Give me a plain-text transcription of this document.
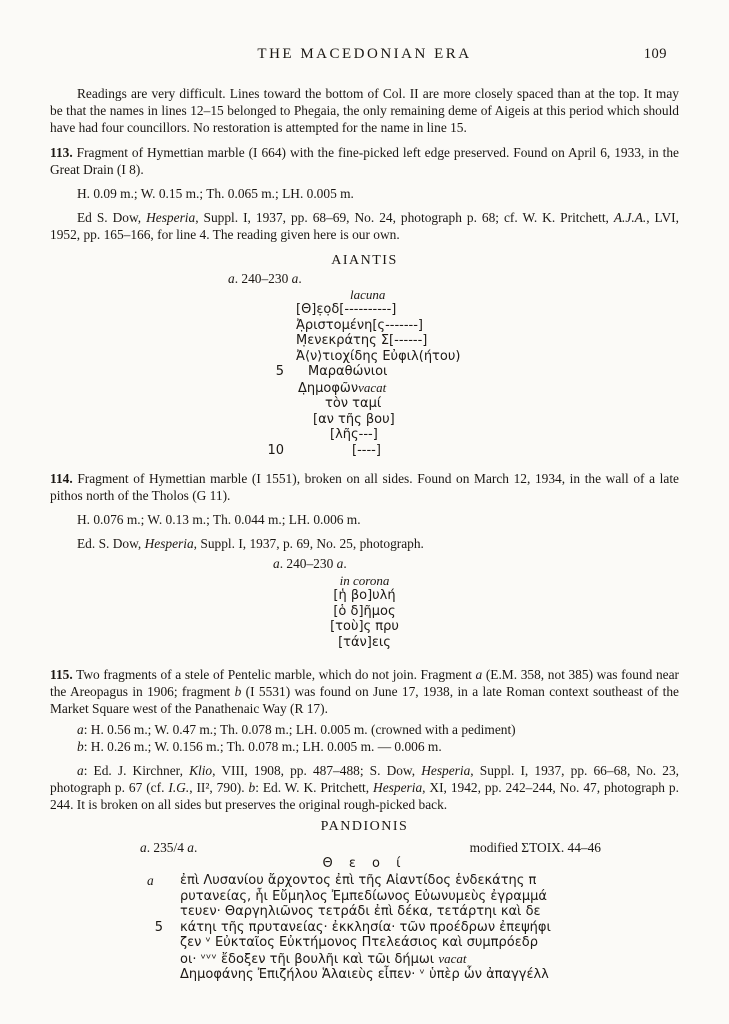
THE MACEDONIAN ERA	109

Readings are very difficult. Lines toward the bottom of Col. II are more closely spaced than at the top. It may be that the names in lines 12–15 belonged to Phegaia, the only remaining deme of Aigeis at this period which should have had four councillors. No restoration is attempted for the name in line 15.

113. Fragment of Hymettian marble (I 664) with the fine-picked left edge preserved. Found on April 6, 1933, in the Great Drain (I 8).

H. 0.09 m.; W. 0.15 m.; Th. 0.065 m.; LH. 0.005 m.

Ed S. Dow, Hesperia, Suppl. I, 1937, pp. 68–69, No. 24, photograph p. 68; cf. W. K. Pritchett, A.J.A., LVI, 1952, pp. 165–166, for line 4. The reading given here is our own.

AIANTIS
a. 240–230 a.
lacuna
[Θ]ε̣ο̣δ[----------]
Ἀ̣ριστομένη[ς-------]
Μ̣ενεκράτης Σ[------]
Ἀ⟨ν⟩τιοχίδης Εὐφιλ(ήτου)
5 Μαραθώνιοι
Δ̣ημοφῶνvacat
τὸν ταμί
[αν τῆς βου]
[λῆς---]
10	[----]

114. Fragment of Hymettian marble (I 1551), broken on all sides. Found on March 12, 1934, in the wall of a late pithos north of the Tholos (G 11).

H. 0.076 m.; W. 0.13 m.; Th. 0.044 m.; LH. 0.006 m.

Ed. S. Dow, Hesperia, Suppl. I, 1937, p. 69, No. 25, photograph.

a. 240–230 a.
in corona
[ἡ βο]υλή
[ὁ δ]ῆμος
[τοὺ]ς πρυ
[τάν]εις

115. Two fragments of a stele of Pentelic marble, which do not join. Fragment a (E.M. 358, not 385) was found near the Areopagus in 1906; fragment b (I 5531) was found on June 17, 1938, in a late Roman context southeast of the Market Square west of the Panathenaic Way (R 17).

a: H. 0.56 m.; W. 0.47 m.; Th. 0.078 m.; LH. 0.005 m. (crowned with a pediment)

b: H. 0.26 m.; W. 0.156 m.; Th. 0.078 m.; LH. 0.005 m. — 0.006 m.

a: Ed. J. Kirchner, Klio, VIII, 1908, pp. 487–488; S. Dow, Hesperia, Suppl. I, 1937, pp. 66–68, No. 23, photograph p. 67 (cf. I.G., II², 790). b: Ed. W. K. Pritchett, Hesperia, XI, 1942, pp. 242–244, No. 47, photograph p. 244. It is broken on all sides but preserves the original rough-picked back.

PANDIONIS
a. 235/4 a.	modified ΣΤΟΙΧ. 44–46
Θ ε ο ί
a ἐπὶ Λυσανίου ἄρχοντος ἐπὶ τῆς Αἰαντίδος ἑνδεκάτης π
ρυτανείας, ἧι Εὔμηλος Ἐμπεδίωνος Εὐωνυμεὺς ἐγραμμά
τευεν· Θαργηλιῶνος τετράδι ἐπὶ δέκα, τετάρτηι καὶ δε
5 κάτηι τῆς πρυτανείας· ἐκκλησία· τῶν προέδρων ἐπεψήφι
ζεν ᵛ Εὐκταῖος Εὐκτήμονος Πτελεάσιος καὶ συμπρόεδρ
οι· ᵛᵛᵛ ἔδοξεν τῆι βουλῆι καὶ τῶι δήμωι vacat
Δημοφάνης Ἐπιζήλου Ἁλαιεὺς εἶπεν· ᵛ ὑπὲρ ὧν ἀπαγγέλλ
